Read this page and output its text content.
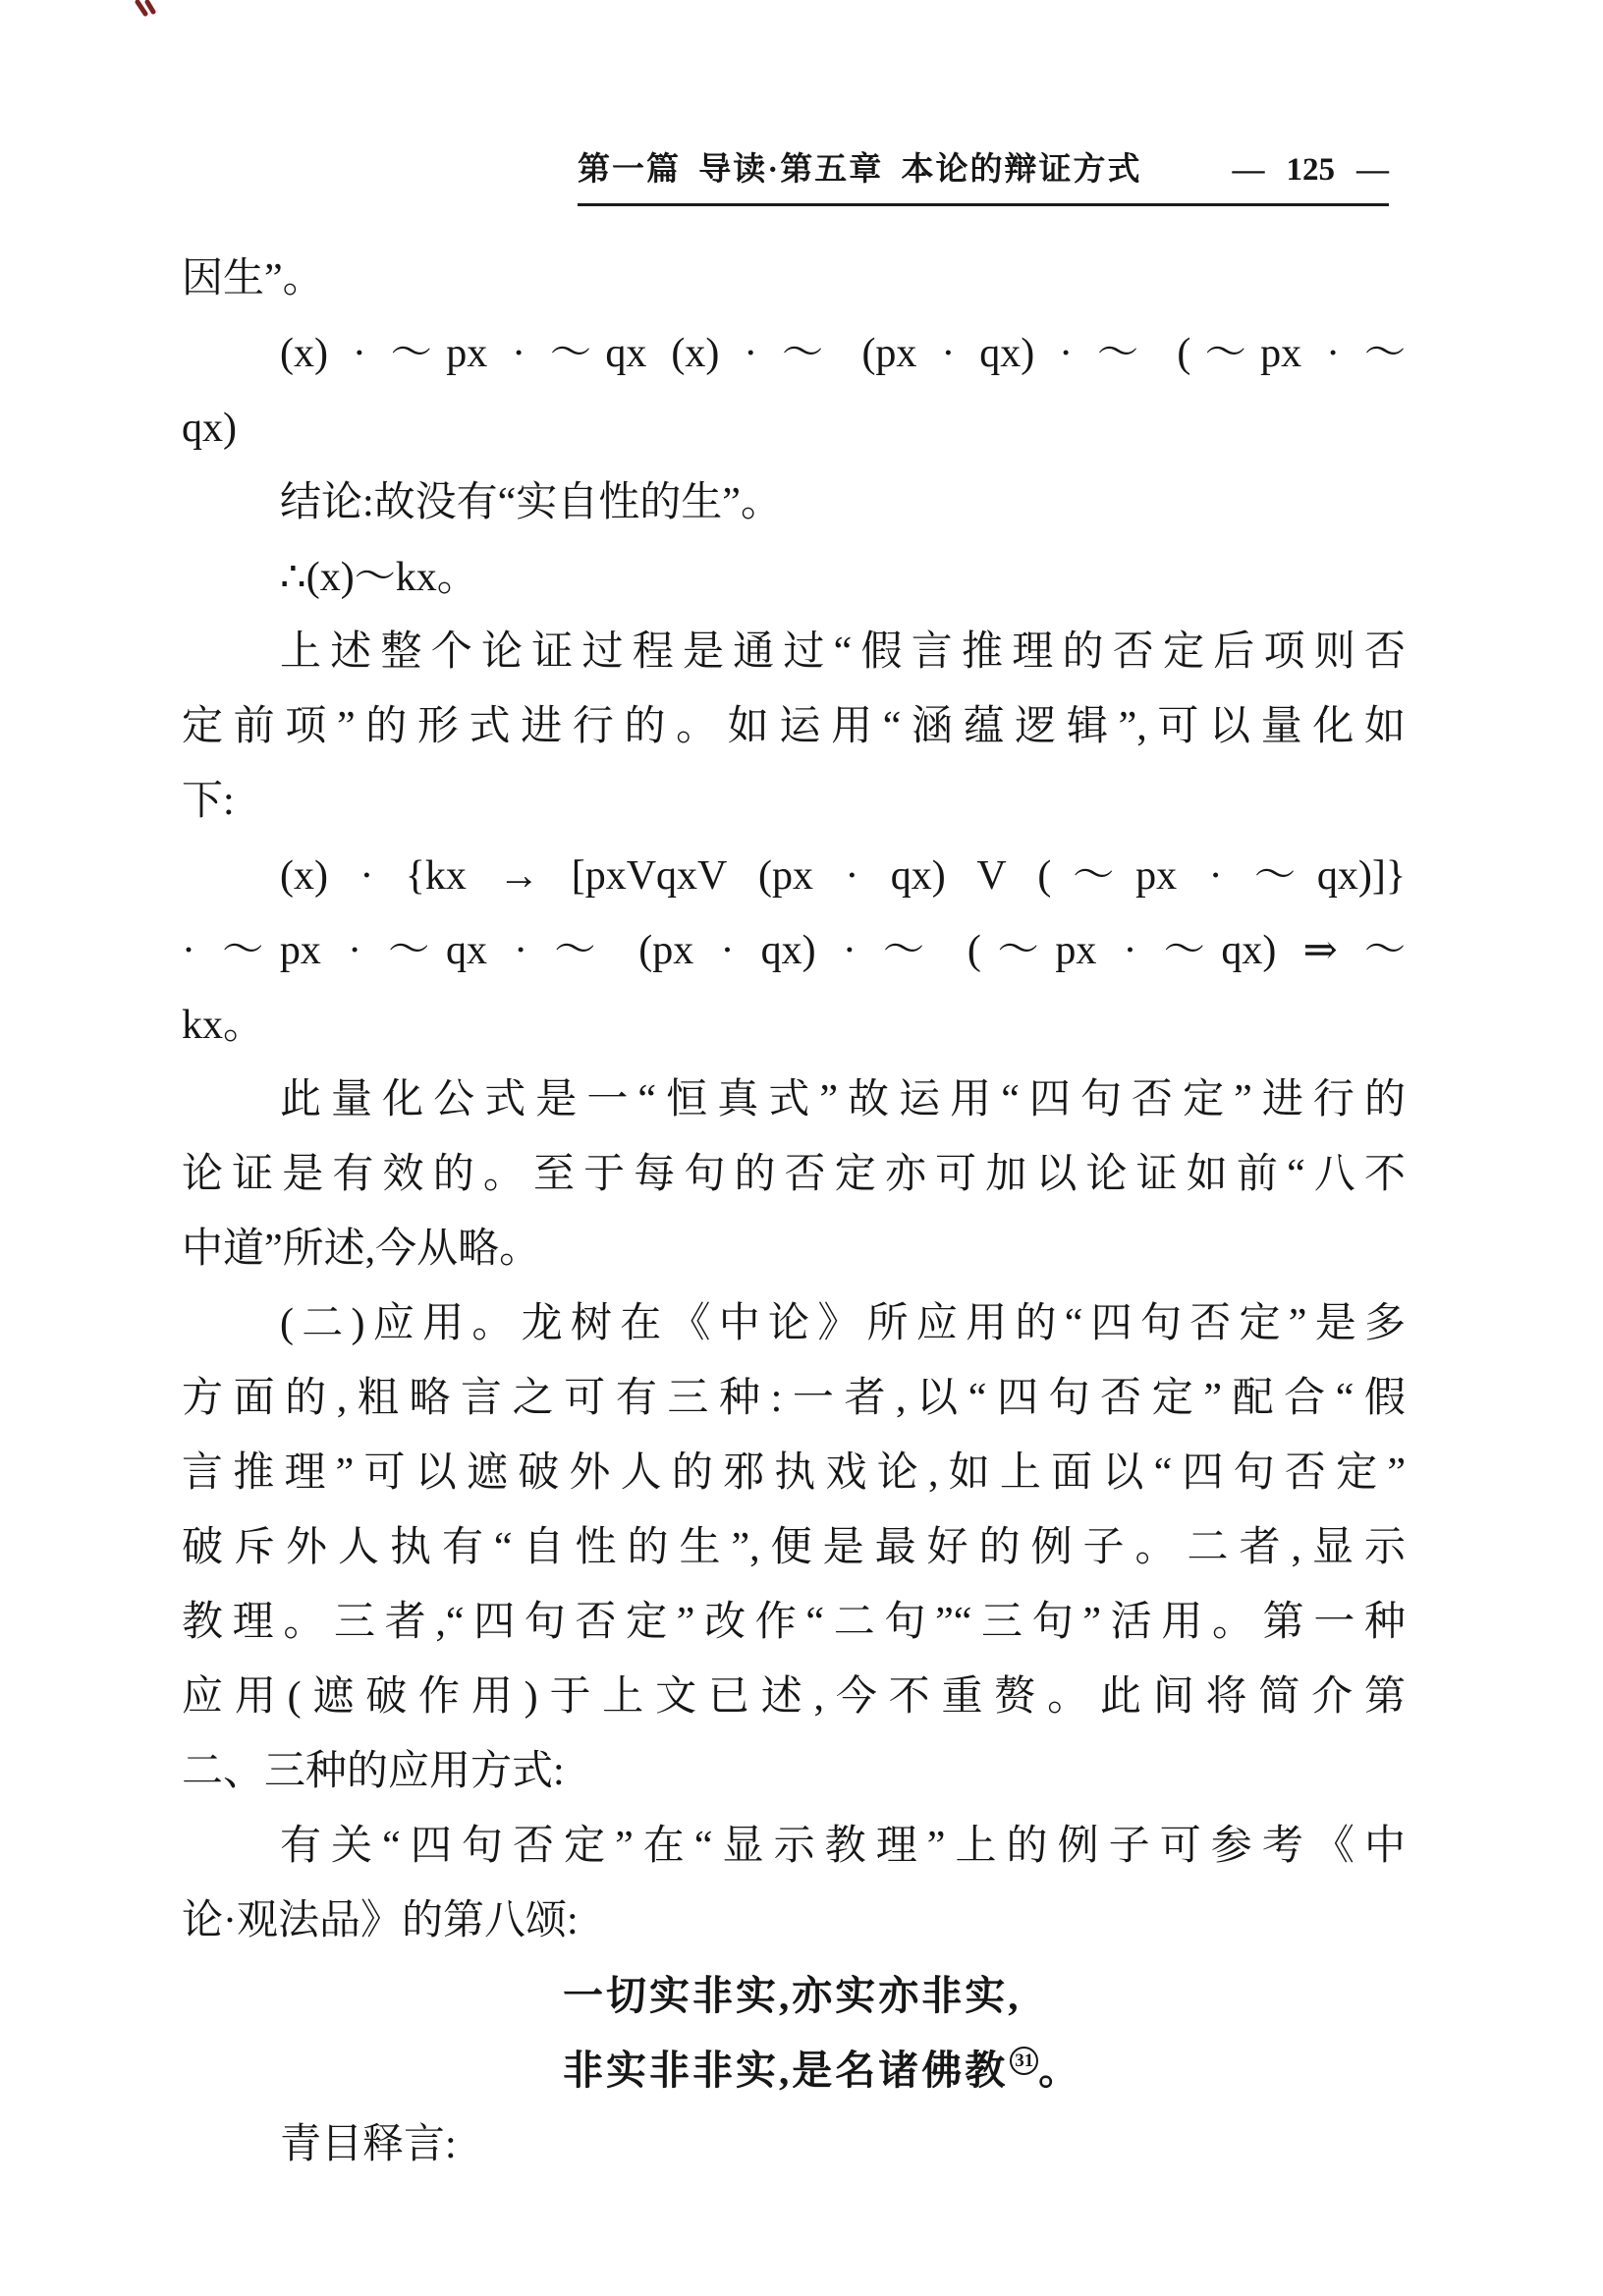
第一篇 导读·第五章 本论的辩证方式	— 125 —
因生”。
(x) · ～px · ～qx (x) · ～ (px · qx) · ～ (～px · ～
qx)
结论:故没有“实自性的生”。
∴(x)～kx。
上述整个论证过程是通过“假言推理的否定后项则否
定前项”的形式进行的。如运用“涵蕴逻辑”,可以量化如
下:
(x) · {kx → [pxVqxV (px · qx) V (～px · ～qx)]}
· ～px · ～qx · ～ (px · qx) · ～ (～px · ～qx) ⇒ ～
kx。
此量化公式是一“恒真式”故运用“四句否定”进行的
论证是有效的。至于每句的否定亦可加以论证如前“八不
中道”所述,今从略。
(二)应用。龙树在《中论》所应用的“四句否定”是多
方面的,粗略言之可有三种:一者,以“四句否定”配合“假
言推理”可以遮破外人的邪执戏论,如上面以“四句否定”
破斥外人执有“自性的生”,便是最好的例子。二者,显示
教理。三者,“四句否定”改作“二句”“三句”活用。第一种
应用(遮破作用)于上文已述,今不重赘。此间将简介第
二、三种的应用方式:
有关“四句否定”在“显示教理”上的例子可参考《中
论·观法品》的第八颂:
一切实非实,亦实亦非实,
非实非非实,是名诸佛教 31 。
青目释言:
